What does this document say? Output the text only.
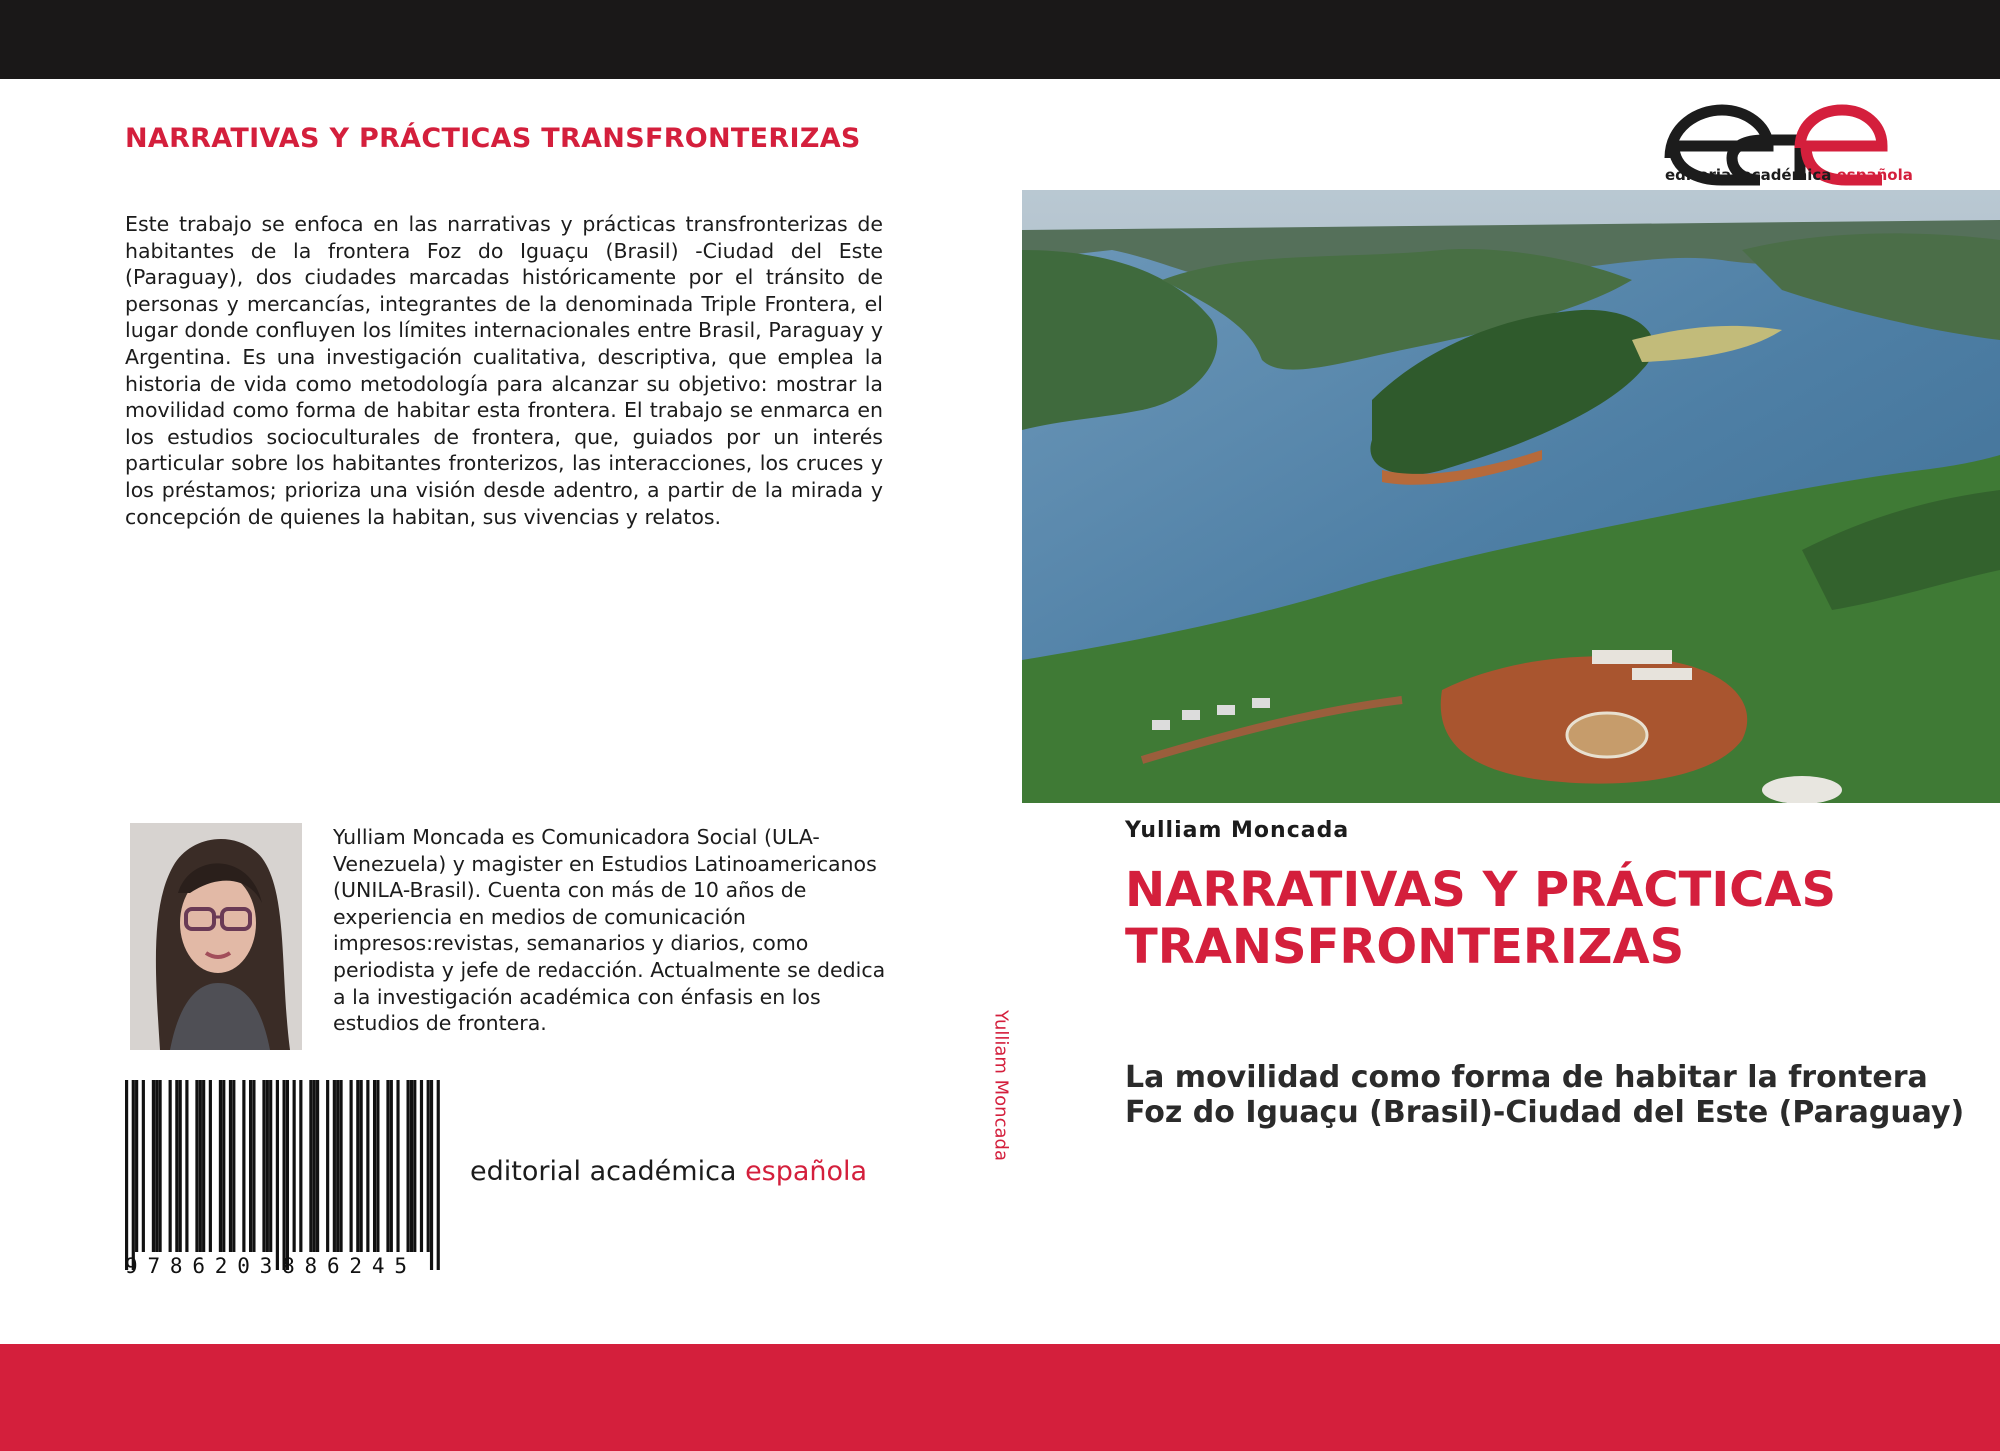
NARRATIVAS Y PRÁCTICAS TRANSFRONTERIZAS

Este trabajo se enfoca en las narrativas y prácticas transfronterizas de habitantes de la frontera Foz do Iguaçu (Brasil) -Ciudad del Este (Paraguay), dos ciudades marcadas históricamente por el tránsito de personas y mercancías, integrantes de la denominada Triple Frontera, el lugar donde confluyen los límites internacionales entre Brasil, Paraguay y Argentina. Es una investigación cualitativa, descriptiva, que emplea la historia de vida como metodología para alcanzar su objetivo: mostrar la movilidad como forma de habitar esta frontera. El trabajo se enmarca en los estudios socioculturales de frontera, que, guiados por un interés particular sobre los habitantes fronterizos, las interacciones, los cruces y los préstamos; prioriza una visión desde adentro, a partir de la mirada y concepción de quienes la habitan, sus vivencias y relatos.

Yulliam Moncada es Comunicadora Social (ULA-Venezuela) y magister en Estudios Latinoamericanos (UNILA-Brasil). Cuenta con más de 10 años de experiencia en medios de comunicación impresos:revistas, semanarios y diarios, como periodista y jefe de redacción. Actualmente se dedica a la investigación académica con énfasis en los estudios de frontera.

9786203886245
editorial académica española
Yulliam Moncada
editorial académica española
Yulliam Moncada
NARRATIVAS Y PRÁCTICAS TRANSFRONTERIZAS
La movilidad como forma de habitar la frontera Foz do Iguaçu (Brasil)-Ciudad del Este (Paraguay)
